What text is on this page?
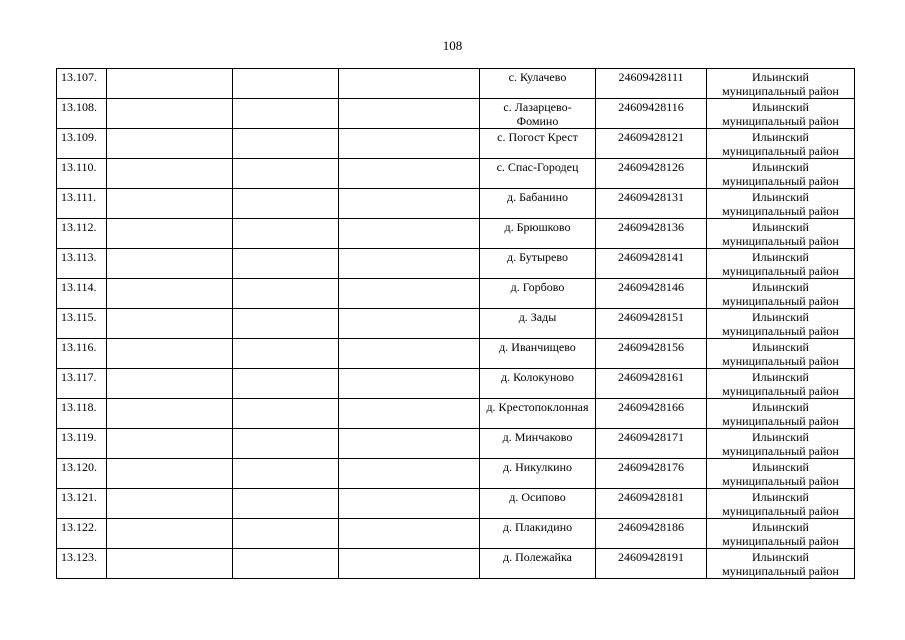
108
13.107.				с. Кулачево	24609428111	Ильинский муниципальный район
13.108.				с. Лазарцево-Фомино	24609428116	Ильинский муниципальный район
13.109.				с. Погост Крест	24609428121	Ильинский муниципальный район
13.110.				с. Спас-Городец	24609428126	Ильинский муниципальный район
13.111.				д. Бабанино	24609428131	Ильинский муниципальный район
13.112.				д. Брюшково	24609428136	Ильинский муниципальный район
13.113.				д. Бутырево	24609428141	Ильинский муниципальный район
13.114.				д. Горбово	24609428146	Ильинский муниципальный район
13.115.				д. Зады	24609428151	Ильинский муниципальный район
13.116.				д. Иванчищево	24609428156	Ильинский муниципальный район
13.117.				д. Колокуново	24609428161	Ильинский муниципальный район
13.118.				д. Крестопоклонная	24609428166	Ильинский муниципальный район
13.119.				д. Минчаково	24609428171	Ильинский муниципальный район
13.120.				д. Никулкино	24609428176	Ильинский муниципальный район
13.121.				д. Осипово	24609428181	Ильинский муниципальный район
13.122.				д. Плакидино	24609428186	Ильинский муниципальный район
13.123.				д. Полежайка	24609428191	Ильинский муниципальный район
